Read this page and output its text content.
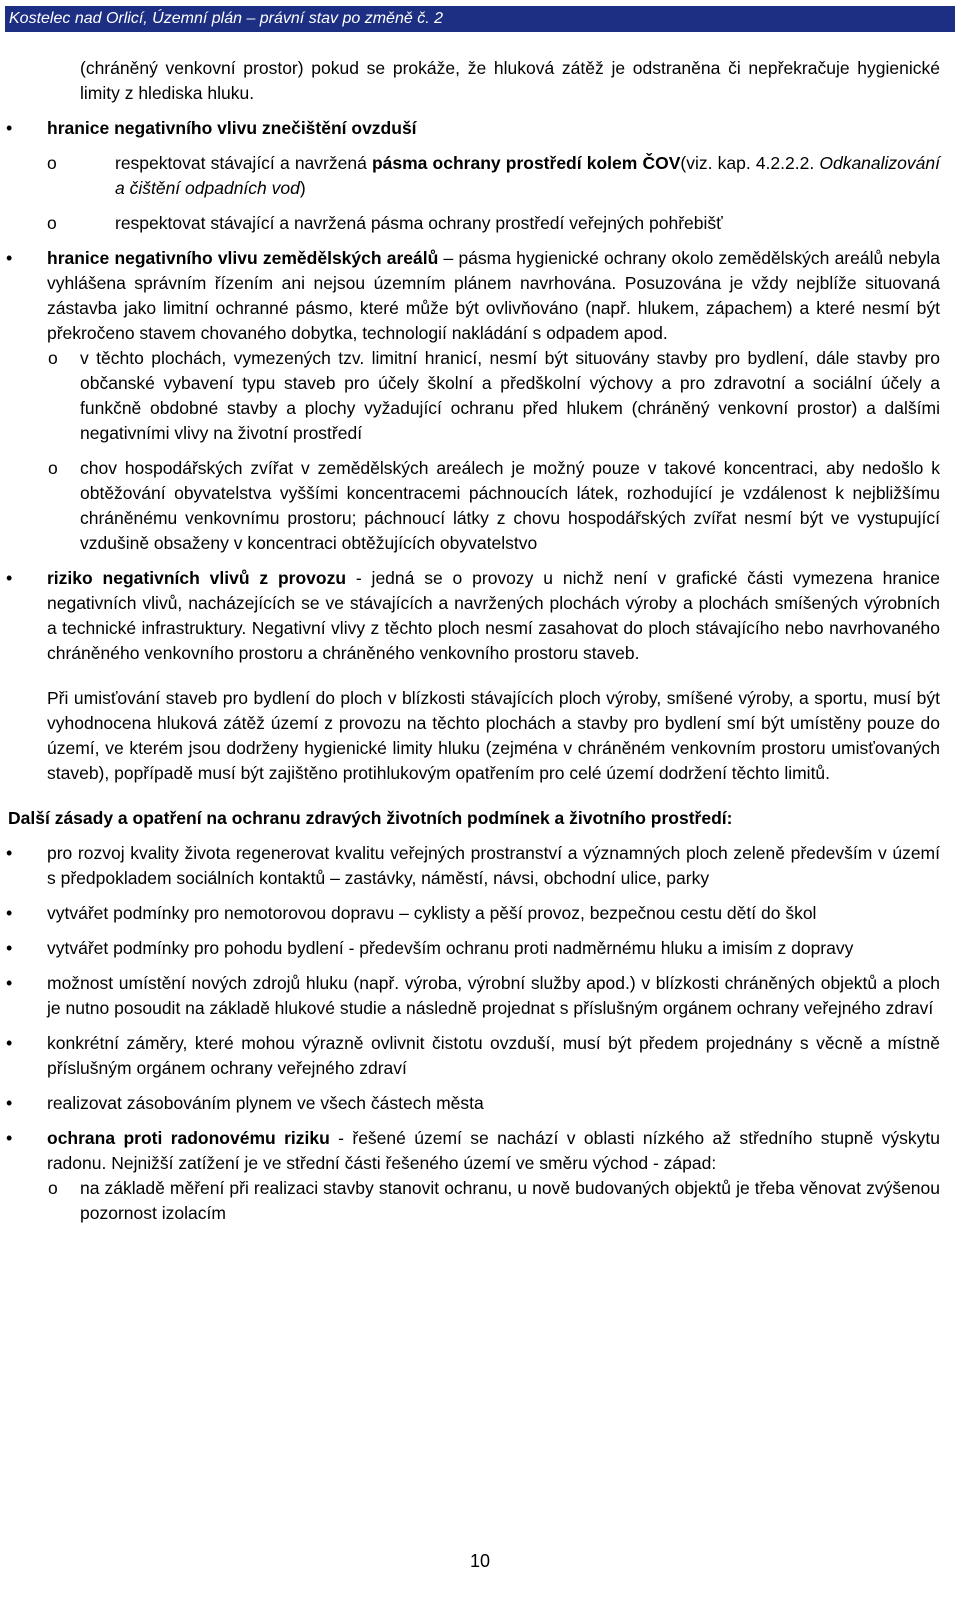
Kostelec nad Orlicí, Územní plán – právní stav po změně č. 2

(chráněný venkovní prostor) pokud se prokáže, že hluková zátěž je odstraněna či nepřekračuje hygienické limity z hlediska hluku.

• hranice negativního vlivu znečištění ovzduší

o	respektovat stávající a navržená pásma ochrany prostředí kolem ČOV(viz. kap. 4.2.2.2. Odkanalizování a čištění odpadních vod)

o	respektovat stávající a navržená pásma ochrany prostředí veřejných pohřebišť

• hranice negativního vlivu zemědělských areálů – pásma hygienické ochrany okolo zemědělských areálů nebyla vyhlášena správním řízením ani nejsou územním plánem navrhována. Posuzována je vždy nejblíže situovaná zástavba jako limitní ochranné pásmo, které může být ovlivňováno (např. hlukem, zápachem) a které nesmí být překročeno stavem chovaného dobytka, technologií nakládání s odpadem apod.

o v těchto plochách, vymezených tzv. limitní hranicí, nesmí být situovány stavby pro bydlení, dále stavby pro občanské vybavení typu staveb pro účely školní a předškolní výchovy a pro zdravotní a sociální účely a funkčně obdobné stavby a plochy vyžadující ochranu před hlukem (chráněný venkovní prostor) a dalšími negativními vlivy na životní prostředí

o chov hospodářských zvířat v zemědělských areálech je možný pouze v takové koncentraci, aby nedošlo k obtěžování obyvatelstva vyššími koncentracemi páchnoucích látek, rozhodující je vzdálenost k nejbližšímu chráněnému venkovnímu prostoru; páchnoucí látky z chovu hospodářských zvířat nesmí být ve vystupující vzdušině obsaženy v koncentraci obtěžujících obyvatelstvo

• riziko negativních vlivů z provozu - jedná se o provozy u nichž není v grafické části vymezena hranice negativních vlivů, nacházejících se ve stávajících a navržených plochách výroby a plochách smíšených výrobních a technické infrastruktury. Negativní vlivy z těchto ploch nesmí zasahovat do ploch stávajícího nebo navrhovaného chráněného venkovního prostoru a chráněného venkovního prostoru staveb.

Při umisťování staveb pro bydlení do ploch v blízkosti stávajících ploch výroby, smíšené výroby, a sportu, musí být vyhodnocena hluková zátěž území z provozu na těchto plochách a stavby pro bydlení smí být umístěny pouze do území, ve kterém jsou dodrženy hygienické limity hluku (zejména v chráněném venkovním prostoru umisťovaných staveb), popřípadě musí být zajištěno protihlukovým opatřením pro celé území dodržení těchto limitů.

Další zásady a opatření na ochranu zdravých životních podmínek a životního prostředí:

• pro rozvoj kvality života regenerovat kvalitu veřejných prostranství a významných ploch zeleně především v území s předpokladem sociálních kontaktů – zastávky, náměstí, návsi, obchodní ulice, parky

• vytvářet podmínky pro nemotorovou dopravu – cyklisty a pěší provoz, bezpečnou cestu dětí do škol

• vytvářet podmínky pro pohodu bydlení - především ochranu proti nadměrnému hluku a imisím z dopravy

• možnost umístění nových zdrojů hluku (např. výroba, výrobní služby apod.) v blízkosti chráněných objektů a ploch je nutno posoudit na základě hlukové studie a následně projednat s příslušným orgánem ochrany veřejného zdraví

• konkrétní záměry, které mohou výrazně ovlivnit čistotu ovzduší, musí být předem projednány s věcně a místně příslušným orgánem ochrany veřejného zdraví

• realizovat zásobováním plynem ve všech částech města

• ochrana proti radonovému riziku - řešené území se nachází v oblasti nízkého až středního stupně výskytu radonu. Nejnižší zatížení je ve střední části řešeného území ve směru východ - západ:

o na základě měření při realizaci stavby stanovit ochranu, u nově budovaných objektů je třeba věnovat zvýšenou pozornost izolacím

10
